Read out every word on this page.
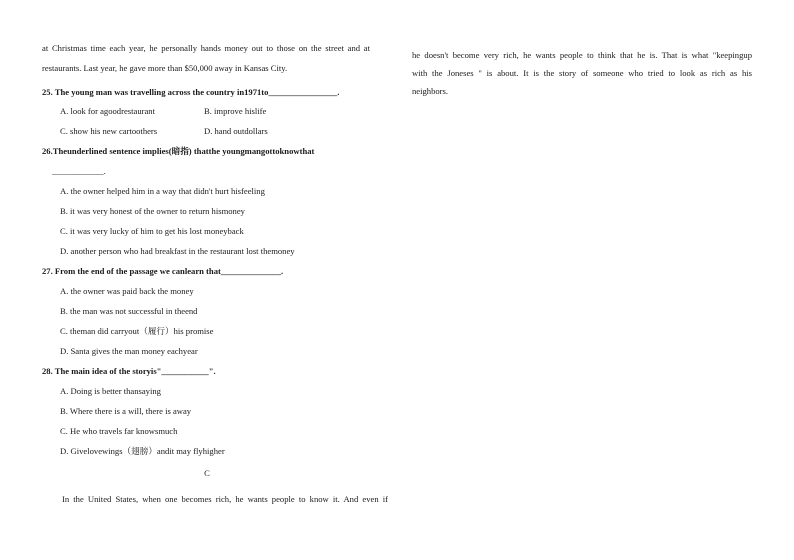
at Christmas time each year, he personally hands money out to those on the street and at
restaurants. Last year, he gave more than $50,000 away in Kansas City.
25. The young man was travelling across the country in1971to________________.
A. look for agoodrestaurant	B. improve hislife
C. show his new cartoothers	D. hand outdollars
26.Theunderlined sentence implies(暗指) thatthe youngmangottoknowthat
____________.
A. the owner helped him in a way that didn't hurt hisfeeling
B. it was very honest of the owner to return hismoney
C. it was very lucky of him to get his lost moneyback
D. another person who had breakfast in the restaurant lost themoney
27. From the end of the passage we canlearn that______________.
A. the owner was paid back the money
B. the man was not successful in theend
C. theman did carryout（履行）his promise
D. Santa gives the man money eachyear
28. The main idea of the storyis"___________".
A. Doing is better thansaying
B. Where there is a will, there is away
C. He who travels far knowsmuch
D. Givelovewings（翅膀）andit may flyhigher
C
In the United States, when one becomes rich, he wants people to know it. And even if
he doesn't become very rich, he wants people to think that he is. That is what "keepingup
with the Joneses " is about. It is the story of someone who tried to look as rich as his
neighbors.
